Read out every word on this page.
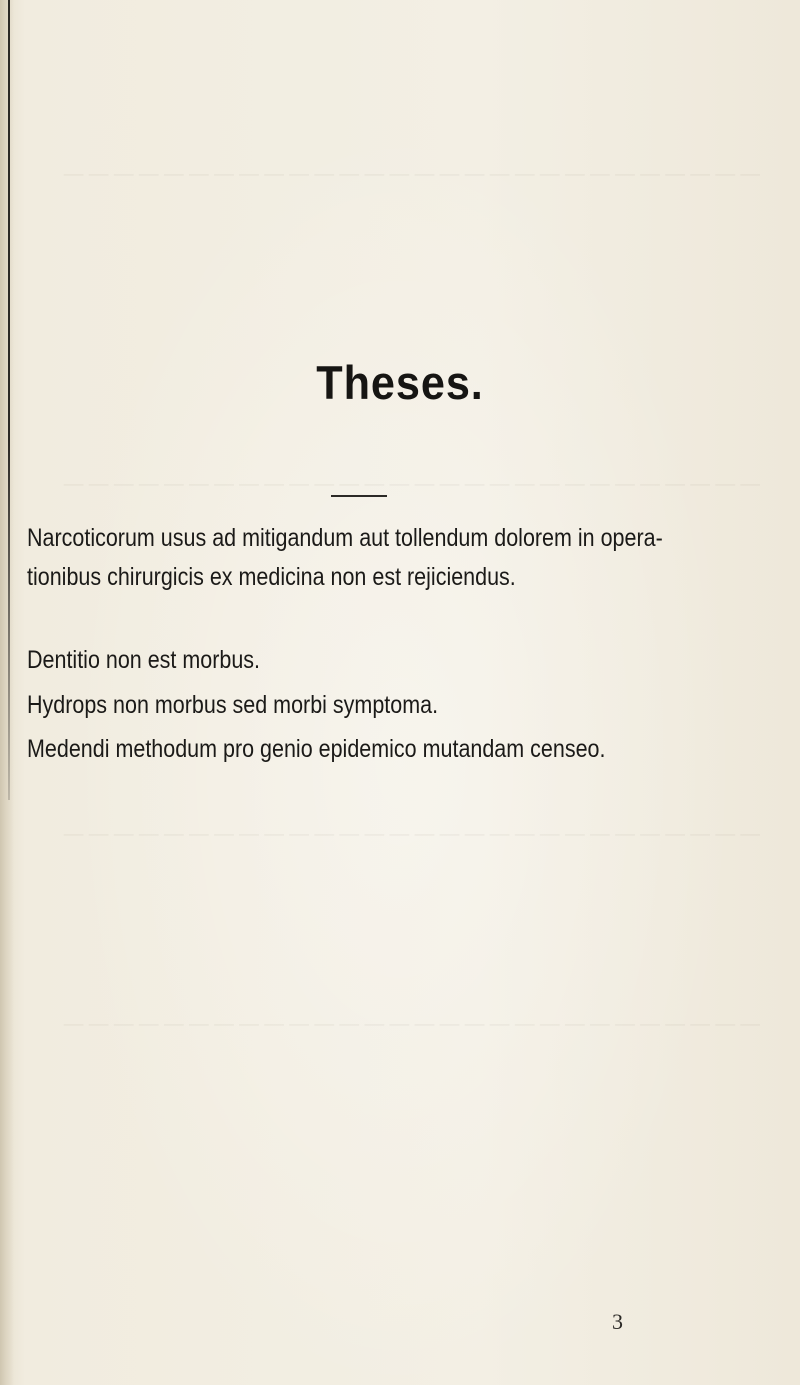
— — — — — — — — — — — — — — — — — — — — — — — — — — — —
— — — — — — — — — — — — — — — — — — — — — — — — — — — —
— — — — — — — — — — — — — — — — — — — — — — — — — — — —
— — — — — — — — — — — — — — — — — — — — — — — — — — — —
Theses.
Narcoticorum usus ad mitigandum aut tollendum dolorem in opera-
tionibus chirurgicis ex medicina non est rejiciendus.
Dentitio non est morbus.
Hydrops non morbus sed morbi symptoma.
Medendi methodum pro genio epidemico mutandam censeo.
3
